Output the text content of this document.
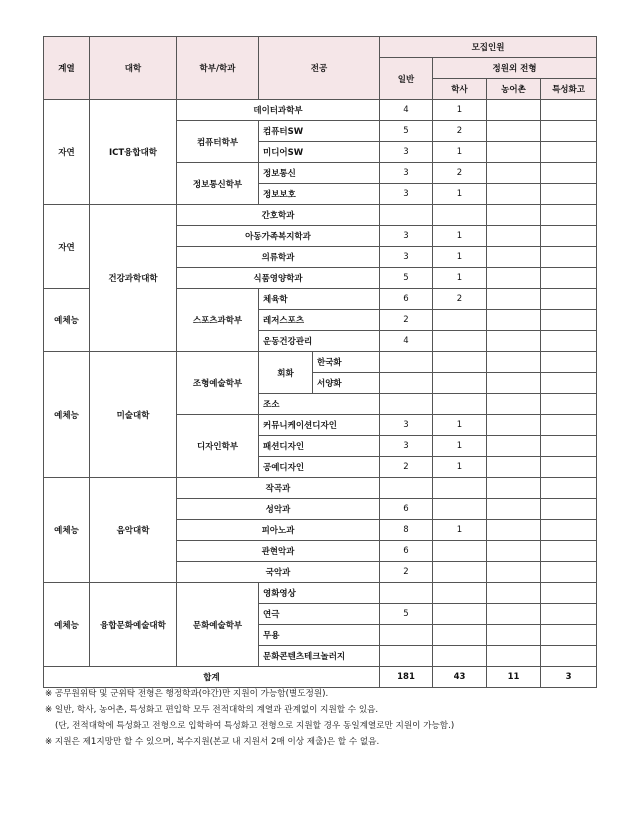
계열	대학	학부/학과	전공		모집인원			
					일반	정원외 전형		
						학사	농어촌	특성화고
자연	ICT융합대학	데이터과학부			4	1		
		컴퓨터학부	컴퓨터SW		5	2		
			미디어SW		3	1		
		정보통신학부	정보통신		3	2		
			정보보호		3	1		
자연	건강과학대학	간호학과						
		아동가족복지학과			3	1		
		의류학과			3	1		
		식품영양학과			5	1		
예체능		스포츠과학부	체육학		6	2		
			레저스포츠		2			
			운동건강관리		4			
예체능	미술대학	조형예술학부	회화	한국화				
				서양화				
			조소					
		디자인학부	커뮤니케이션디자인		3	1		
			패션디자인		3	1		
			공예디자인		2	1		
예체능	음악대학	작곡과						
		성악과			6			
		피아노과			8	1		
		관현악과			6			
		국악과			2			
예체능	융합문화예술대학	문화예술학부	영화영상					
			연극		5			
			무용					
			문화콘텐츠테크놀러지					
합계					181	43	11	3
※ 공무원위탁 및 군위탁 전형은 행정학과(야간)만 지원이 가능함(별도정원).
※ 일반, 학사, 농어촌, 특성화고 편입학 모두 전적대학의 계열과 관계없이 지원할 수 있음.
(단, 전적대학에 특성화고 전형으로 입학하여 특성화고 전형으로 지원할 경우 동일계열로만 지원이 가능함.)
※ 지원은 제1지망만 할 수 있으며, 복수지원(본교 내 지원서 2매 이상 제출)은 할 수 없음.
